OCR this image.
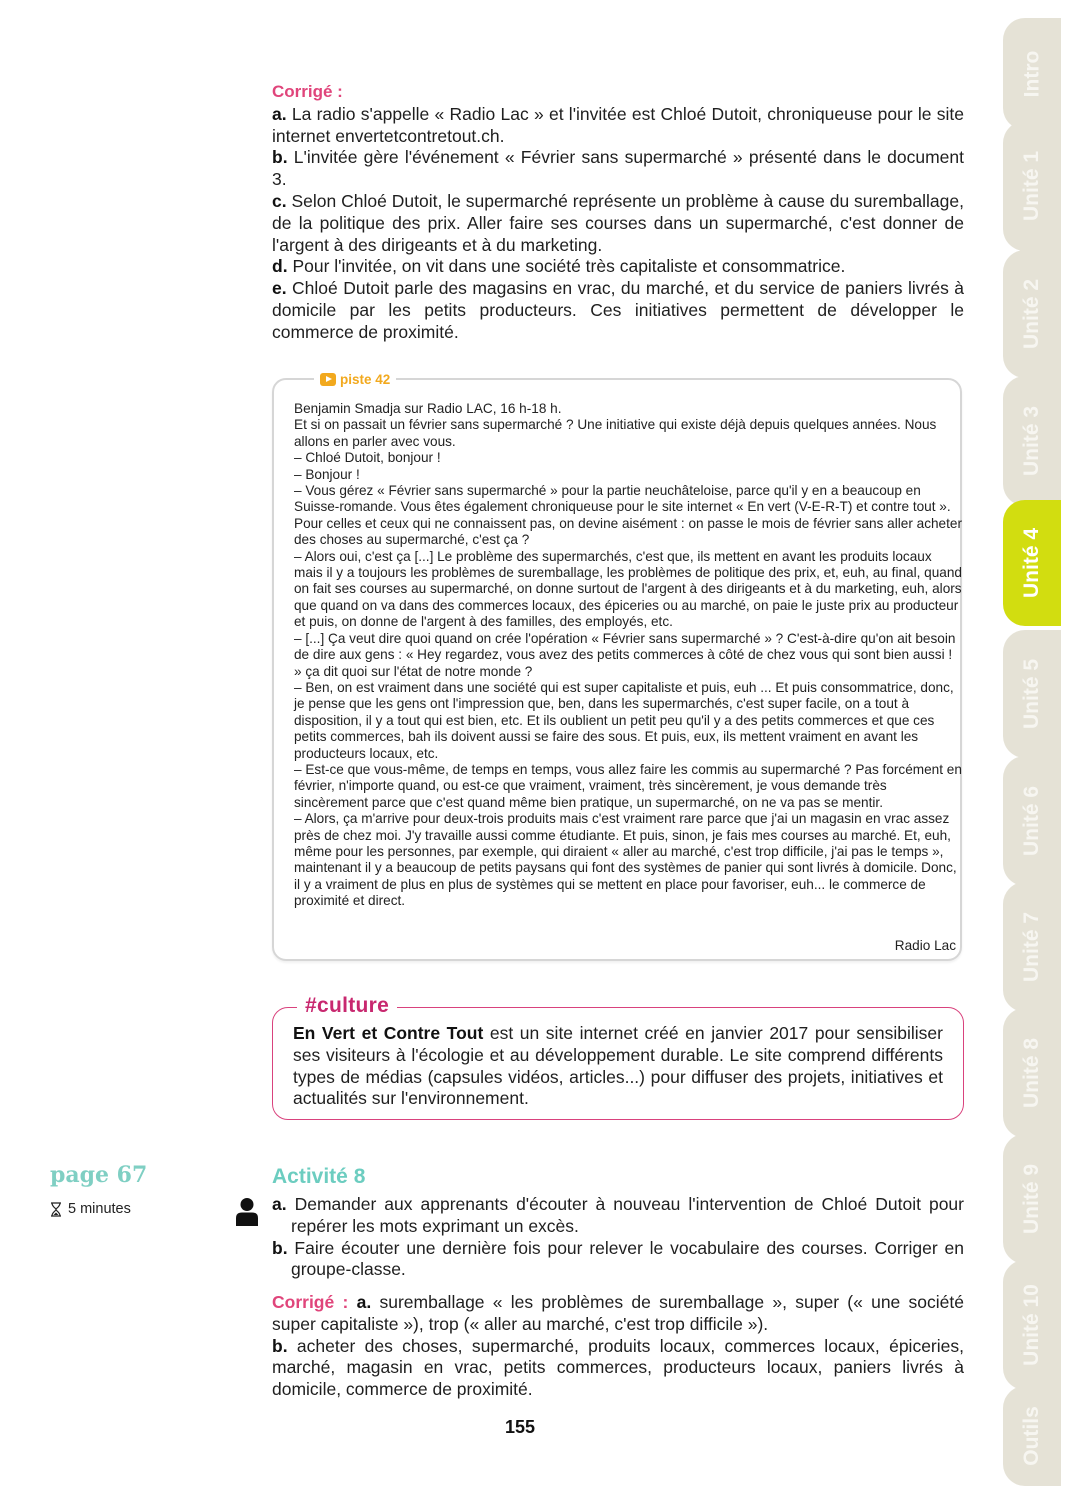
Corrigé :

a. La radio s'appelle « Radio Lac » et l'invitée est Chloé Dutoit, chroniqueuse pour le site internet envertetcontretout.ch.

b. L'invitée gère l'événement « Février sans supermarché » présenté dans le document 3.

c. Selon Chloé Dutoit, le supermarché représente un problème à cause du suremballage, de la politique des prix. Aller faire ses courses dans un supermarché, c'est donner de l'argent à des dirigeants et à du marketing.

d. Pour l'invitée, on vit dans une société très capitaliste et consommatrice.

e. Chloé Dutoit parle des magasins en vrac, du marché, et du service de paniers livrés à domicile par les petits producteurs. Ces initiatives permettent de développer le commerce de proximité.

piste 42

Benjamin Smadja sur Radio LAC, 16 h-18 h.

Et si on passait un février sans supermarché ? Une initiative qui existe déjà depuis quelques années. Nous allons en parler avec vous.

– Chloé Dutoit, bonjour !

– Bonjour !

– Vous gérez « Février sans supermarché » pour la partie neuchâteloise, parce qu'il y en a beaucoup en Suisse-romande. Vous êtes également chroniqueuse pour le site internet « En vert (V-E-R-T) et contre tout ». Pour celles et ceux qui ne connaissent pas, on devine aisément : on passe le mois de février sans aller acheter des choses au supermarché, c'est ça ?

– Alors oui, c'est ça [...] Le problème des supermarchés, c'est que, ils mettent en avant les produits locaux mais il y a toujours les problèmes de suremballage, les problèmes de politique des prix, et, euh, au final, quand on fait ses courses au supermarché, on donne surtout de l'argent à des dirigeants et à du marketing, euh, alors que quand on va dans des commerces locaux, des épiceries ou au marché, on paie le juste prix au producteur et puis, on donne de l'argent à des familles, des employés, etc.

– [...] Ça veut dire quoi quand on crée l'opération « Février sans supermarché » ? C'est-à-dire qu'on ait besoin de dire aux gens : « Hey regardez, vous avez des petits commerces à côté de chez vous qui sont bien aussi ! » ça dit quoi sur l'état de notre monde ?

– Ben, on est vraiment dans une société qui est super capitaliste et puis, euh ... Et puis consommatrice, donc, je pense que les gens ont l'impression que, ben, dans les supermarchés, c'est super facile, on a tout à disposition, il y a tout qui est bien, etc. Et ils oublient un petit peu qu'il y a des petits commerces et que ces petits commerces, bah ils doivent aussi se faire des sous. Et puis, eux, ils mettent vraiment en avant les producteurs locaux, etc.

– Est-ce que vous-même, de temps en temps, vous allez faire les commis au supermarché ? Pas forcément en février, n'importe quand, ou est-ce que vraiment, vraiment, très sincèrement, je vous demande très sincèrement parce que c'est quand même bien pratique, un supermarché, on ne va pas se mentir.

– Alors, ça m'arrive pour deux-trois produits mais c'est vraiment rare parce que j'ai un magasin en vrac assez près de chez moi. J'y travaille aussi comme étudiante. Et puis, sinon, je fais mes courses au marché. Et, euh, même pour les personnes, par exemple, qui diraient « aller au marché, c'est trop difficile, j'ai pas le temps », maintenant il y a beaucoup de petits paysans qui font des systèmes de panier qui sont livrés à domicile. Donc, il y a vraiment de plus en plus de systèmes qui se mettent en place pour favoriser, euh... le commerce de proximité et direct.

Radio Lac
#culture
En Vert et Contre Tout est un site internet créé en janvier 2017 pour sensibiliser ses visiteurs à l'écologie et au développement durable. Le site comprend différents types de médias (capsules vidéos, articles...) pour diffuser des projets, initiatives et actualités sur l'environnement.
page 67
5 minutes
Activité 8

a. Demander aux apprenants d'écouter à nouveau l'intervention de Chloé Dutoit pour repérer les mots exprimant un excès.

b. Faire écouter une dernière fois pour relever le vocabulaire des courses. Corriger en groupe-classe.

Corrigé : a. suremballage « les problèmes de suremballage », super (« une société super capitaliste »), trop (« aller au marché, c'est trop difficile »).

b. acheter des choses, supermarché, produits locaux, commerces locaux, épiceries, marché, magasin en vrac, petits commerces, producteurs locaux, paniers livrés à domicile, commerce de proximité.

155
Intro
Unité 1
Unité 2
Unité 3
Unité 4
Unité 5
Unité 6
Unité 7
Unité 8
Unité 9
Unité 10
Outils
